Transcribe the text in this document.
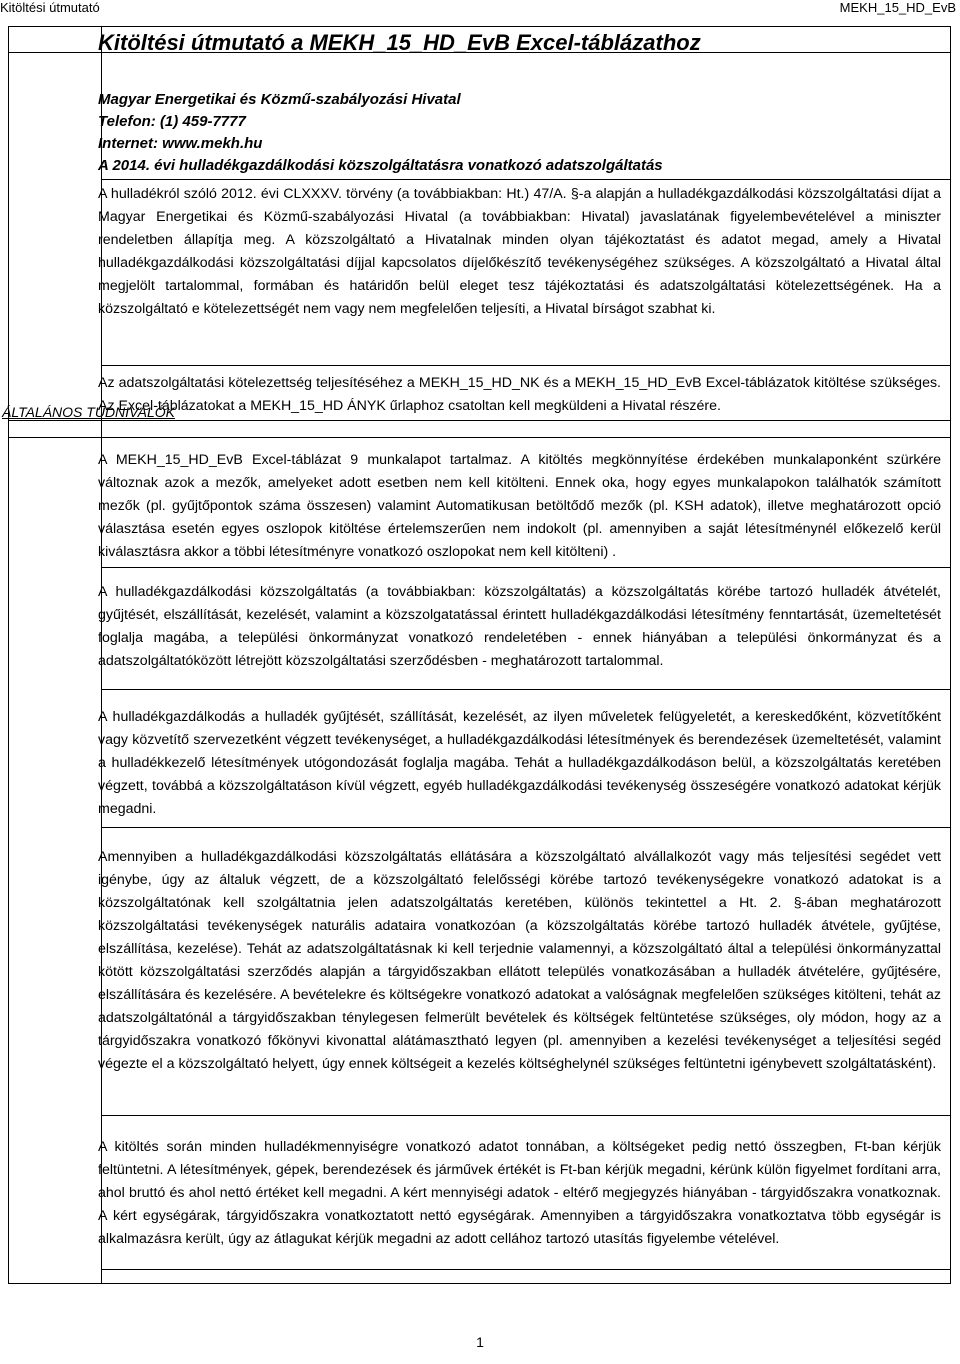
Kitöltési útmutató	MEKH_15_HD_EvB
Kitöltési útmutató a MEKH_15_HD_EvB Excel-táblázathoz
Magyar Energetikai és Közmű-szabályozási Hivatal
Telefon: (1) 459-7777
Internet: www.mekh.hu
A 2014. évi hulladékgazdálkodási közszolgáltatásra vonatkozó adatszolgáltatás

A hulladékról szóló 2012. évi CLXXXV. törvény (a továbbiakban: Ht.) 47/A. §-a alapján a hulladékgazdálkodási közszolgáltatási díjat a Magyar Energetikai és Közmű-szabályozási Hivatal (a továbbiakban: Hivatal) javaslatának figyelembevételével a miniszter rendeletben állapítja meg. A közszolgáltató a Hivatalnak minden olyan tájékoztatást és adatot megad, amely a Hivatal hulladékgazdálkodási közszolgáltatási díjjal kapcsolatos díjelőkészítő tevékenységéhez szükséges. A közszolgáltató a Hivatal által megjelölt tartalommal, formában és határidőn belül eleget tesz tájékoztatási és adatszolgáltatási kötelezettségének. Ha a közszolgáltató e kötelezettségét nem vagy nem megfelelően teljesíti, a Hivatal bírságot szabhat ki.

Az adatszolgáltatási kötelezettség teljesítéséhez a MEKH_15_HD_NK és a MEKH_15_HD_EvB Excel-táblázatok kitöltése szükséges. Az Excel-táblázatokat a MEKH_15_HD ÁNYK űrlaphoz csatoltan kell megküldeni a Hivatal részére.

ÁLTALÁNOS TUDNIVALÓK

A MEKH_15_HD_EvB Excel-táblázat 9 munkalapot tartalmaz. A kitöltés megkönnyítése érdekében munkalaponként szürkére változnak azok a mezők, amelyeket adott esetben nem kell kitölteni. Ennek oka, hogy egyes munkalapokon találhatók számított mezők (pl. gyűjtőpontok száma összesen) valamint Automatikusan betöltődő mezők (pl. KSH adatok), illetve meghatározott opció választása esetén egyes oszlopok kitöltése értelemszerűen nem indokolt (pl. amennyiben a saját létesítménynél előkezelő kerül kiválasztásra akkor a többi létesítményre vonatkozó oszlopokat nem kell kitölteni) .

A hulladékgazdálkodási közszolgáltatás (a továbbiakban: közszolgáltatás) a közszolgáltatás körébe tartozó hulladék átvételét, gyűjtését, elszállítását, kezelését, valamint a közszolgatatással érintett hulladékgazdálkodási létesítmény fenntartását, üzemeltetését foglalja magába, a települési önkormányzat vonatkozó rendeletében - ennek hiányában a települési önkormányzat és a adatszolgáltatóközött létrejött közszolgáltatási szerződésben - meghatározott tartalommal.

A hulladékgazdálkodás a hulladék gyűjtését, szállítását, kezelését, az ilyen műveletek felügyeletét, a kereskedőként, közvetítőként vagy közvetítő szervezetként végzett tevékenységet, a hulladékgazdálkodási létesítmények és berendezések üzemeltetését, valamint a hulladékkezelő létesítmények utógondozását foglalja magába. Tehát a hulladékgazdálkodáson belül, a közszolgáltatás keretében végzett, továbbá a közszolgáltatáson kívül végzett, egyéb hulladékgazdálkodási tevékenység összeségére vonatkozó adatokat kérjük megadni.

Amennyiben a hulladékgazdálkodási közszolgáltatás ellátására a közszolgáltató alvállalkozót vagy más teljesítési segédet vett igénybe, úgy az általuk végzett, de a közszolgáltató felelősségi körébe tartozó tevékenységekre vonatkozó adatokat is a közszolgáltatónak kell szolgáltatnia jelen adatszolgáltatás keretében, különös tekintettel a Ht. 2. §-ában meghatározott közszolgáltatási tevékenységek naturális adataira vonatkozóan (a közszolgáltatás körébe tartozó hulladék átvétele, gyűjtése, elszállítása, kezelése). Tehát az adatszolgáltatásnak ki kell terjednie valamennyi, a közszolgáltató által a települési önkormányzattal kötött közszolgáltatási szerződés alapján a tárgyidőszakban ellátott település vonatkozásában a hulladék átvételére, gyűjtésére, elszállítására és kezelésére. A bevételekre és költségekre vonatkozó adatokat a valóságnak megfelelően szükséges kitölteni, tehát az adatszolgáltatónál a tárgyidőszakban ténylegesen felmerült bevételek és költségek feltüntetése szükséges, oly módon, hogy az a tárgyidőszakra vonatkozó főkönyvi kivonattal alátámasztható legyen (pl. amennyiben a kezelési tevékenységet a teljesítési segéd végezte el a közszolgáltató helyett, úgy ennek költségeit a kezelés költséghelynél szükséges feltüntetni igénybevett szolgáltatásként).

A kitöltés során minden hulladékmennyiségre vonatkozó adatot tonnában, a költségeket pedig nettó összegben, Ft-ban kérjük feltüntetni. A létesítmények, gépek, berendezések és járművek értékét is Ft-ban kérjük megadni, kérünk külön figyelmet fordítani arra, ahol bruttó és ahol nettó értéket kell megadni. A kért mennyiségi adatok - eltérő megjegyzés hiányában - tárgyidőszakra vonatkoznak. A kért egységárak, tárgyidőszakra vonatkoztatott nettó egységárak. Amennyiben a tárgyidőszakra vonatkoztatva több egységár is alkalmazásra került, úgy az átlagukat kérjük megadni az adott cellához tartozó utasítás figyelembe vételével.

1
